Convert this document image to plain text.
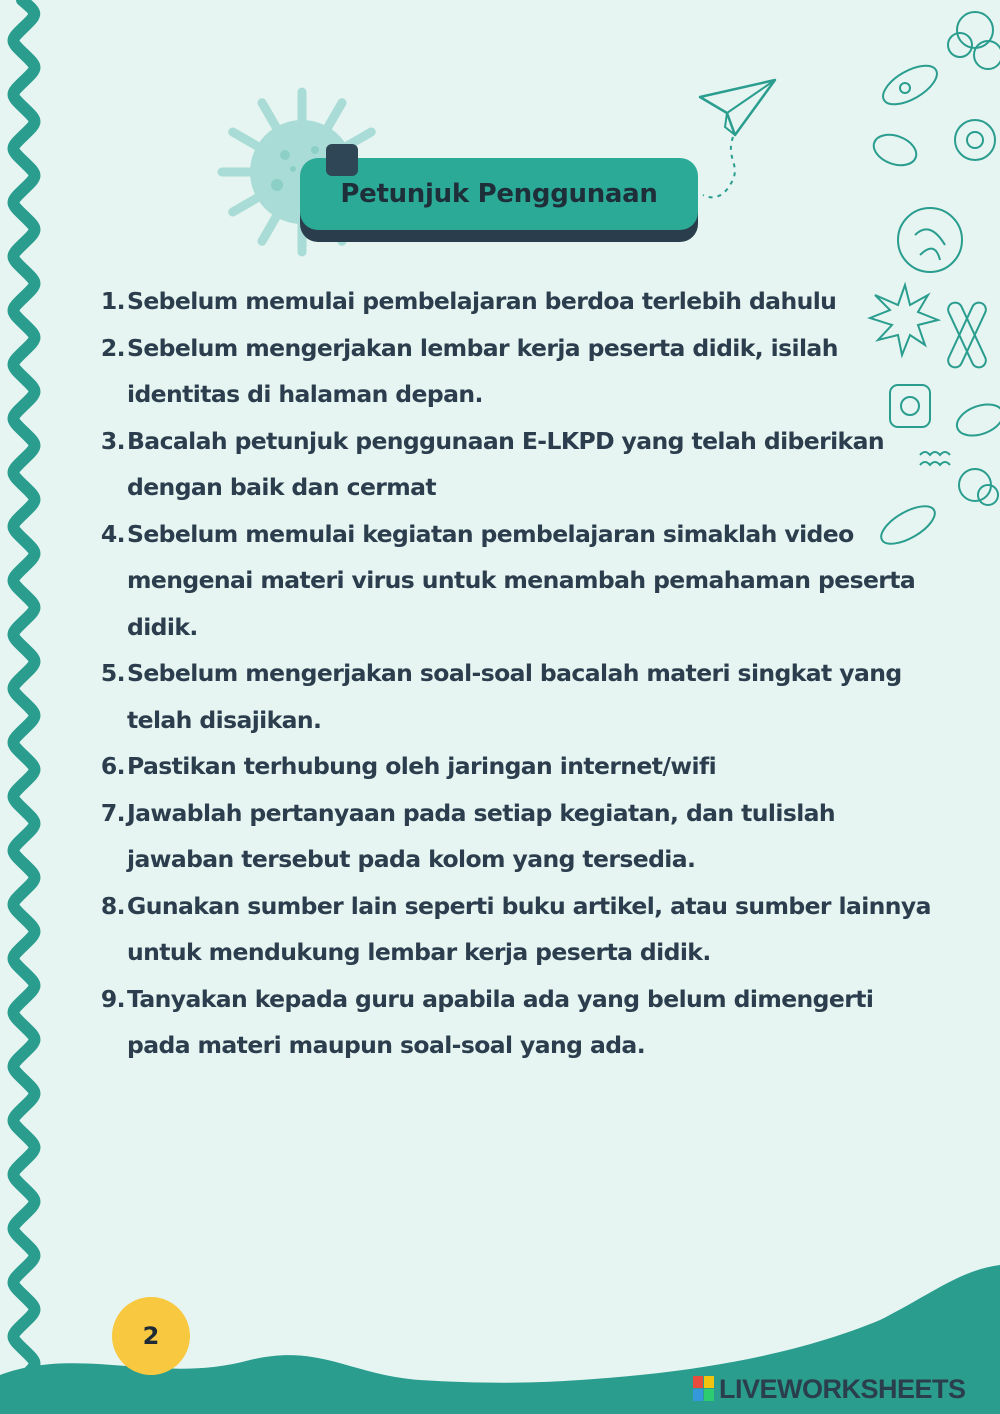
Petunjuk Penggunaan
1. Sebelum memulai pembelajaran berdoa terlebih dahulu
2. Sebelum mengerjakan lembar kerja peserta didik, isilah identitas di halaman depan.
3. Bacalah petunjuk penggunaan E-LKPD yang telah diberikan dengan baik dan cermat
4. Sebelum memulai kegiatan pembelajaran simaklah video mengenai materi virus untuk menambah pemahaman peserta didik.
5. Sebelum mengerjakan soal-soal bacalah materi singkat yang telah disajikan.
6. Pastikan terhubung oleh jaringan internet/wifi
7. Jawablah pertanyaan pada setiap kegiatan, dan tulislah jawaban tersebut pada kolom yang tersedia.
8. Gunakan sumber lain seperti buku artikel, atau sumber lainnya untuk mendukung lembar kerja peserta didik.
9. Tanyakan kepada guru apabila ada yang belum dimengerti pada materi maupun soal-soal yang ada.
2
LIVEWORKSHEETS
